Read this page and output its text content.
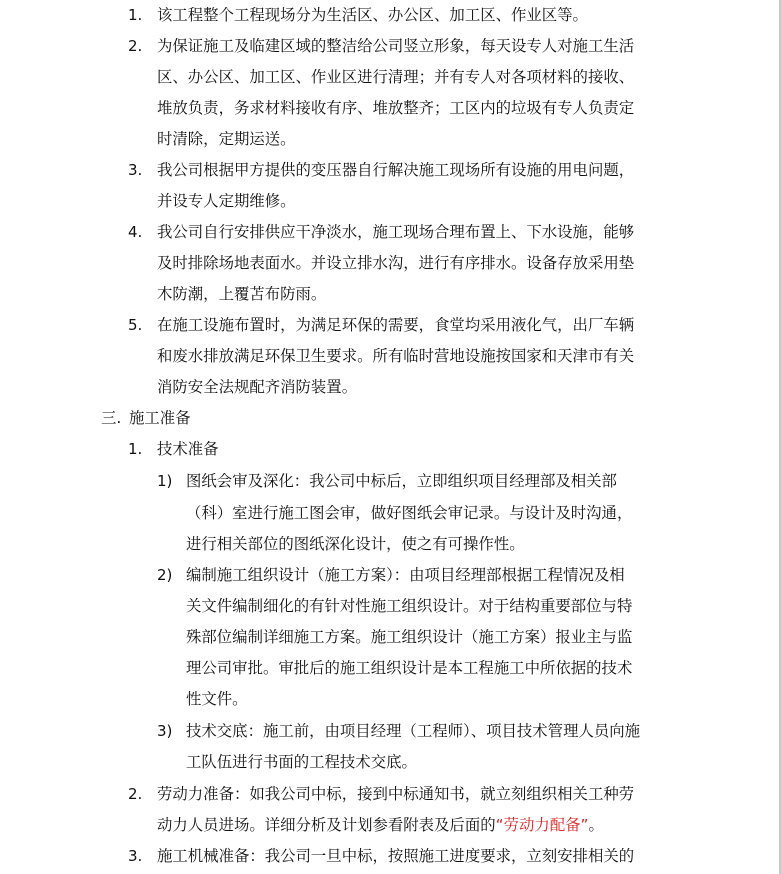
1. 该工程整个工程现场分为生活区、办公区、加工区、作业区等。
2. 为保证施工及临建区域的整洁给公司竖立形象，每天设专人对施工生活
区、办公区、加工区、作业区进行清理；并有专人对各项材料的接收、
堆放负责，务求材料接收有序、堆放整齐；工区内的垃圾有专人负责定
时清除，定期运送。
3. 我公司根据甲方提供的变压器自行解决施工现场所有设施的用电问题，
并设专人定期维修。
4. 我公司自行安排供应干净淡水，施工现场合理布置上、下水设施，能够
及时排除场地表面水。并设立排水沟，进行有序排水。设备存放采用垫
木防潮，上覆苫布防雨。
5. 在施工设施布置时，为满足环保的需要，食堂均采用液化气，出厂车辆
和废水排放满足环保卫生要求。所有临时营地设施按国家和天津市有关
消防安全法规配齐消防装置。
三. 施工准备
1. 技术准备
1) 图纸会审及深化：我公司中标后，立即组织项目经理部及相关部
（科）室进行施工图会审，做好图纸会审记录。与设计及时沟通，
进行相关部位的图纸深化设计，使之有可操作性。
2) 编制施工组织设计（施工方案）：由项目经理部根据工程情况及相
关文件编制细化的有针对性施工组织设计。对于结构重要部位与特
殊部位编制详细施工方案。施工组织设计（施工方案）报业主与监
理公司审批。审批后的施工组织设计是本工程施工中所依据的技术
性文件。
3) 技术交底：施工前，由项目经理（工程师）、项目技术管理人员向施
工队伍进行书面的工程技术交底。
2. 劳动力准备：如我公司中标，接到中标通知书，就立刻组织相关工种劳
动力人员进场。详细分析及计划参看附表及后面的“劳动力配备”。
3. 施工机械准备：我公司一旦中标，按照施工进度要求，立刻安排相关的
